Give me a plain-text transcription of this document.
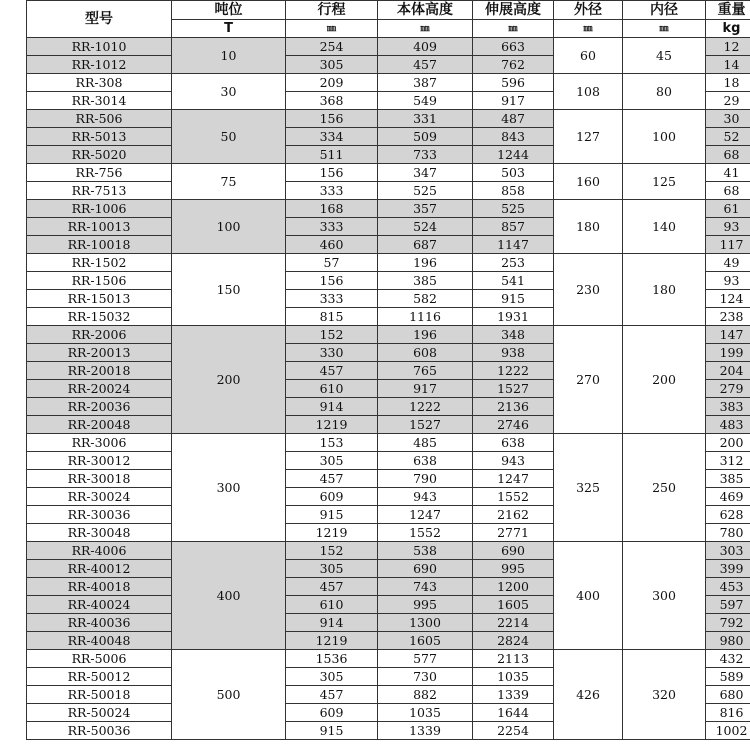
型号	吨位	行程	本体高度	伸展高度	外径	内径	重量
	T	㎜	㎜	㎜	㎜	㎜	kg
RR-1010	10	254	409	663	60	45	12
RR-1012		305	457	762			14
RR-308	30	209	387	596	108	80	18
RR-3014		368	549	917			29
RR-506	50	156	331	487	127	100	30
RR-5013		334	509	843			52
RR-5020		511	733	1244			68
RR-756	75	156	347	503	160	125	41
RR-7513		333	525	858			68
RR-1006	100	168	357	525	180	140	61
RR-10013		333	524	857			93
RR-10018		460	687	1147			117
RR-1502	150	57	196	253	230	180	49
RR-1506		156	385	541			93
RR-15013		333	582	915			124
RR-15032		815	1116	1931			238
RR-2006	200	152	196	348	270	200	147
RR-20013		330	608	938			199
RR-20018		457	765	1222			204
RR-20024		610	917	1527			279
RR-20036		914	1222	2136			383
RR-20048		1219	1527	2746			483
RR-3006	300	153	485	638	325	250	200
RR-30012		305	638	943			312
RR-30018		457	790	1247			385
RR-30024		609	943	1552			469
RR-30036		915	1247	2162			628
RR-30048		1219	1552	2771			780
RR-4006	400	152	538	690	400	300	303
RR-40012		305	690	995			399
RR-40018		457	743	1200			453
RR-40024		610	995	1605			597
RR-40036		914	1300	2214			792
RR-40048		1219	1605	2824			980
RR-5006	500	1536	577	2113	426	320	432
RR-50012		305	730	1035			589
RR-50018		457	882	1339			680
RR-50024		609	1035	1644			816
RR-50036		915	1339	2254			1002
